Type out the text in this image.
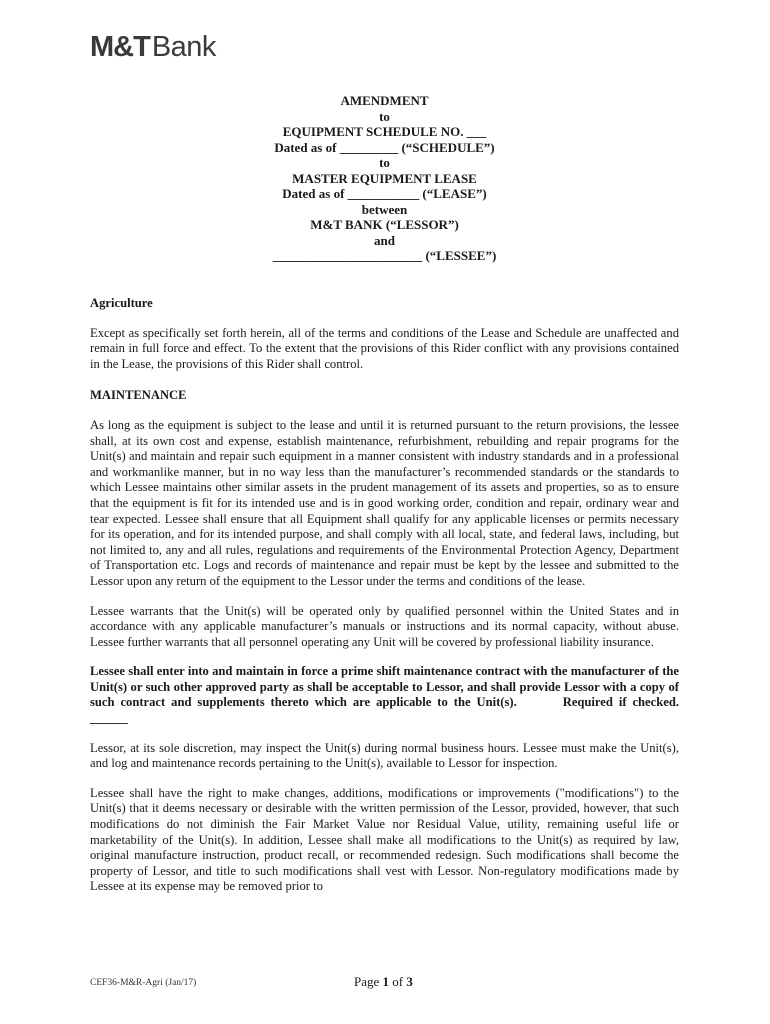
M&TBank
AMENDMENT
to
EQUIPMENT SCHEDULE NO. ___
Dated as of _________ (“SCHEDULE”)
to
MASTER EQUIPMENT LEASE
Dated as of ___________ (“LEASE”)
between
M&T BANK (“LESSOR”)
and
_______________________ (“LESSEE”)

Agriculture

Except as specifically set forth herein, all of the terms and conditions of the Lease and Schedule are unaffected and remain in full force and effect. To the extent that the provisions of this Rider conflict with any provisions contained in the Lease, the provisions of this Rider shall control.

MAINTENANCE

As long as the equipment is subject to the lease and until it is returned pursuant to the return provisions, the lessee shall, at its own cost and expense, establish maintenance, refurbishment, rebuilding and repair programs for the Unit(s) and maintain and repair such equipment in a manner consistent with industry standards and in a professional and workmanlike manner, but in no way less than the manufacturer’s recommended standards or the standards to which Lessee maintains other similar assets in the prudent management of its assets and properties, so as to ensure that the equipment is fit for its intended use and is in good working order, condition and repair, ordinary wear and tear expected. Lessee shall ensure that all Equipment shall qualify for any applicable licenses or permits necessary for its operation, and for its intended purpose, and shall comply with all local, state, and federal laws, including, but not limited to, any and all rules, regulations and requirements of the Environmental Protection Agency, Department of Transportation etc. Logs and records of maintenance and repair must be kept by the lessee and submitted to the Lessor upon any return of the equipment to the Lessor under the terms and conditions of the lease.

Lessee warrants that the Unit(s) will be operated only by qualified personnel within the United States and in accordance with any applicable manufacturer’s manuals or instructions and its normal capacity, without abuse. Lessee further warrants that all personnel operating any Unit will be covered by professional liability insurance.

Lessee shall enter into and maintain in force a prime shift maintenance contract with the manufacturer of the Unit(s) or such other approved party as shall be acceptable to Lessor, and shall provide Lessor with a copy of such contract and supplements thereto which are applicable to the Unit(s).	Required if checked. ______

Lessor, at its sole discretion, may inspect the Unit(s) during normal business hours. Lessee must make the Unit(s), and log and maintenance records pertaining to the Unit(s), available to Lessor for inspection.

Lessee shall have the right to make changes, additions, modifications or improvements ("modifications") to the Unit(s) that it deems necessary or desirable with the written permission of the Lessor, provided, however, that such modifications do not diminish the Fair Market Value nor Residual Value, utility, remaining useful life or marketability of the Unit(s). In addition, Lessee shall make all modifications to the Unit(s) as required by law, original manufacture instruction, product recall, or recommended redesign. Such modifications shall become the property of Lessor, and title to such modifications shall vest with Lessor. Non-regulatory modifications made by Lessee at its expense may be removed prior to

CEF36-M&R-Agri (Jan/17)	Page 1 of 3
